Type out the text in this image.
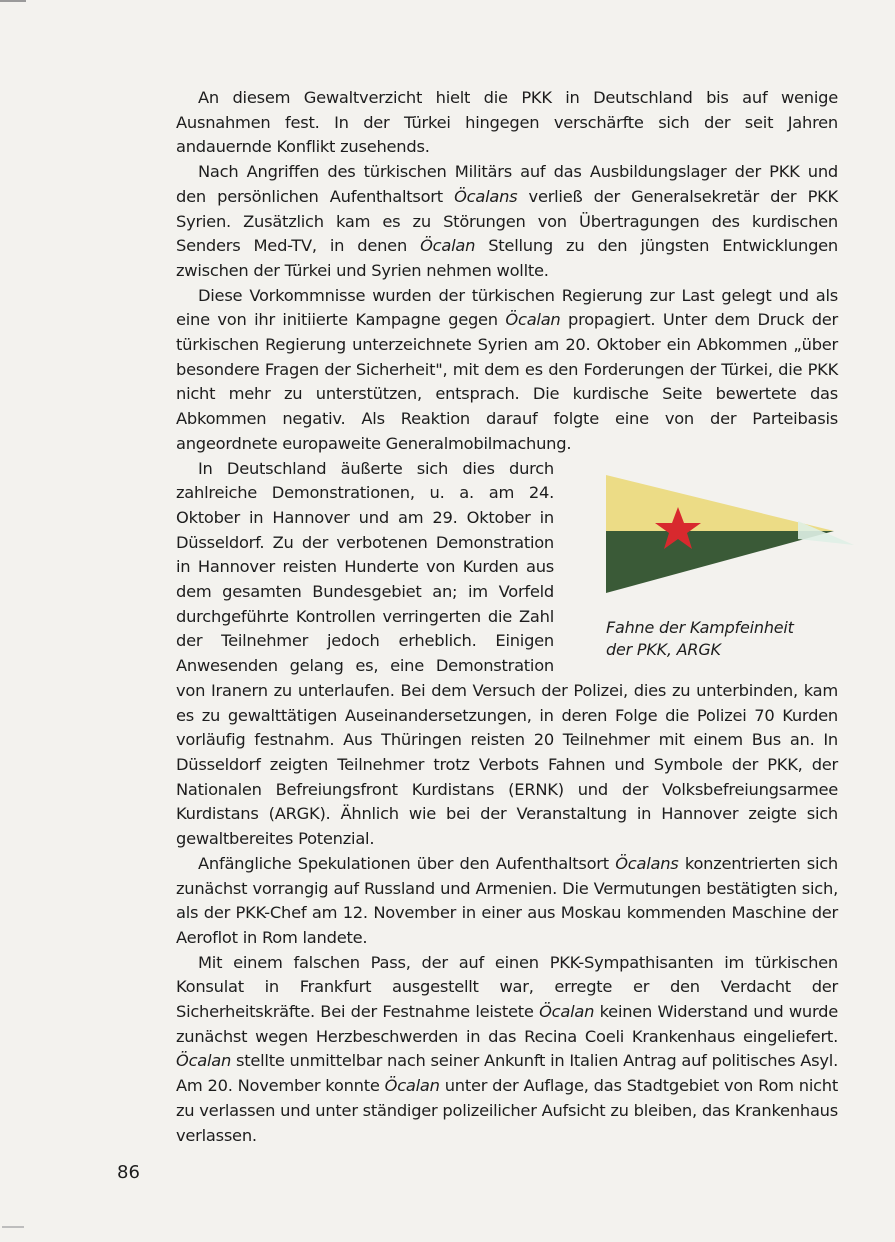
An diesem Gewaltverzicht hielt die PKK in Deutschland bis auf wenige Ausnahmen fest. In der Türkei hingegen verschärfte sich der seit Jahren andauernde Konflikt zusehends.

Nach Angriffen des türkischen Militärs auf das Ausbildungslager der PKK und den persönlichen Aufenthaltsort Öcalans verließ der Generalsekretär der PKK Syrien. Zusätzlich kam es zu Störungen von Übertragungen des kurdischen Senders Med-TV, in denen Öcalan Stellung zu den jüngsten Entwicklungen zwischen der Türkei und Syrien nehmen wollte.

Diese Vorkommnisse wurden der türkischen Regierung zur Last gelegt und als eine von ihr initiierte Kampagne gegen Öcalan propagiert. Unter dem Druck der türkischen Regierung unterzeichnete Syrien am 20. Oktober ein Abkommen „über besondere Fragen der Sicherheit", mit dem es den Forderungen der Türkei, die PKK nicht mehr zu unterstützen, entsprach. Die kurdische Seite bewertete das Abkommen negativ. Als Reaktion darauf folgte eine von der Parteibasis angeordnete europaweite Generalmobilmachung.

Fahne der Kampfeinheit
der PKK, ARGK
In Deutschland äußerte sich dies durch zahlreiche Demonstrationen, u. a. am 24. Oktober in Hannover und am 29. Oktober in Düsseldorf. Zu der verbotenen Demonstration in Hannover reisten Hunderte von Kurden aus dem gesamten Bundesgebiet an; im Vorfeld durchgeführte Kontrollen verringerten die Zahl der Teilnehmer jedoch erheblich. Einigen Anwesenden gelang es, eine Demonstration von Iranern zu unterlaufen. Bei dem Versuch der Polizei, dies zu unterbinden, kam es zu gewalttätigen Auseinandersetzungen, in deren Folge die Polizei 70 Kurden vorläufig festnahm. Aus Thüringen reisten 20 Teilnehmer mit einem Bus an. In Düsseldorf zeigten Teilnehmer trotz Verbots Fahnen und Symbole der PKK, der Nationalen Befreiungsfront Kurdistans (ERNK) und der Volksbefreiungsarmee Kurdistans (ARGK). Ähnlich wie bei der Veranstaltung in Hannover zeigte sich gewaltbereites Potenzial.

Anfängliche Spekulationen über den Aufenthaltsort Öcalans konzentrierten sich zunächst vorrangig auf Russland und Armenien. Die Vermutungen bestätigten sich, als der PKK-Chef am 12. November in einer aus Moskau kommenden Maschine der Aeroflot in Rom landete.

Mit einem falschen Pass, der auf einen PKK-Sympathisanten im türkischen Konsulat in Frankfurt ausgestellt war, erregte er den Verdacht der Sicherheitskräfte. Bei der Festnahme leistete Öcalan keinen Widerstand und wurde zunächst wegen Herzbeschwerden in das Recina Coeli Krankenhaus eingeliefert. Öcalan stellte unmittelbar nach seiner Ankunft in Italien Antrag auf politisches Asyl. Am 20. November konnte Öcalan unter der Auflage, das Stadtgebiet von Rom nicht zu verlassen und unter ständiger polizeilicher Aufsicht zu bleiben, das Krankenhaus verlassen.

86
